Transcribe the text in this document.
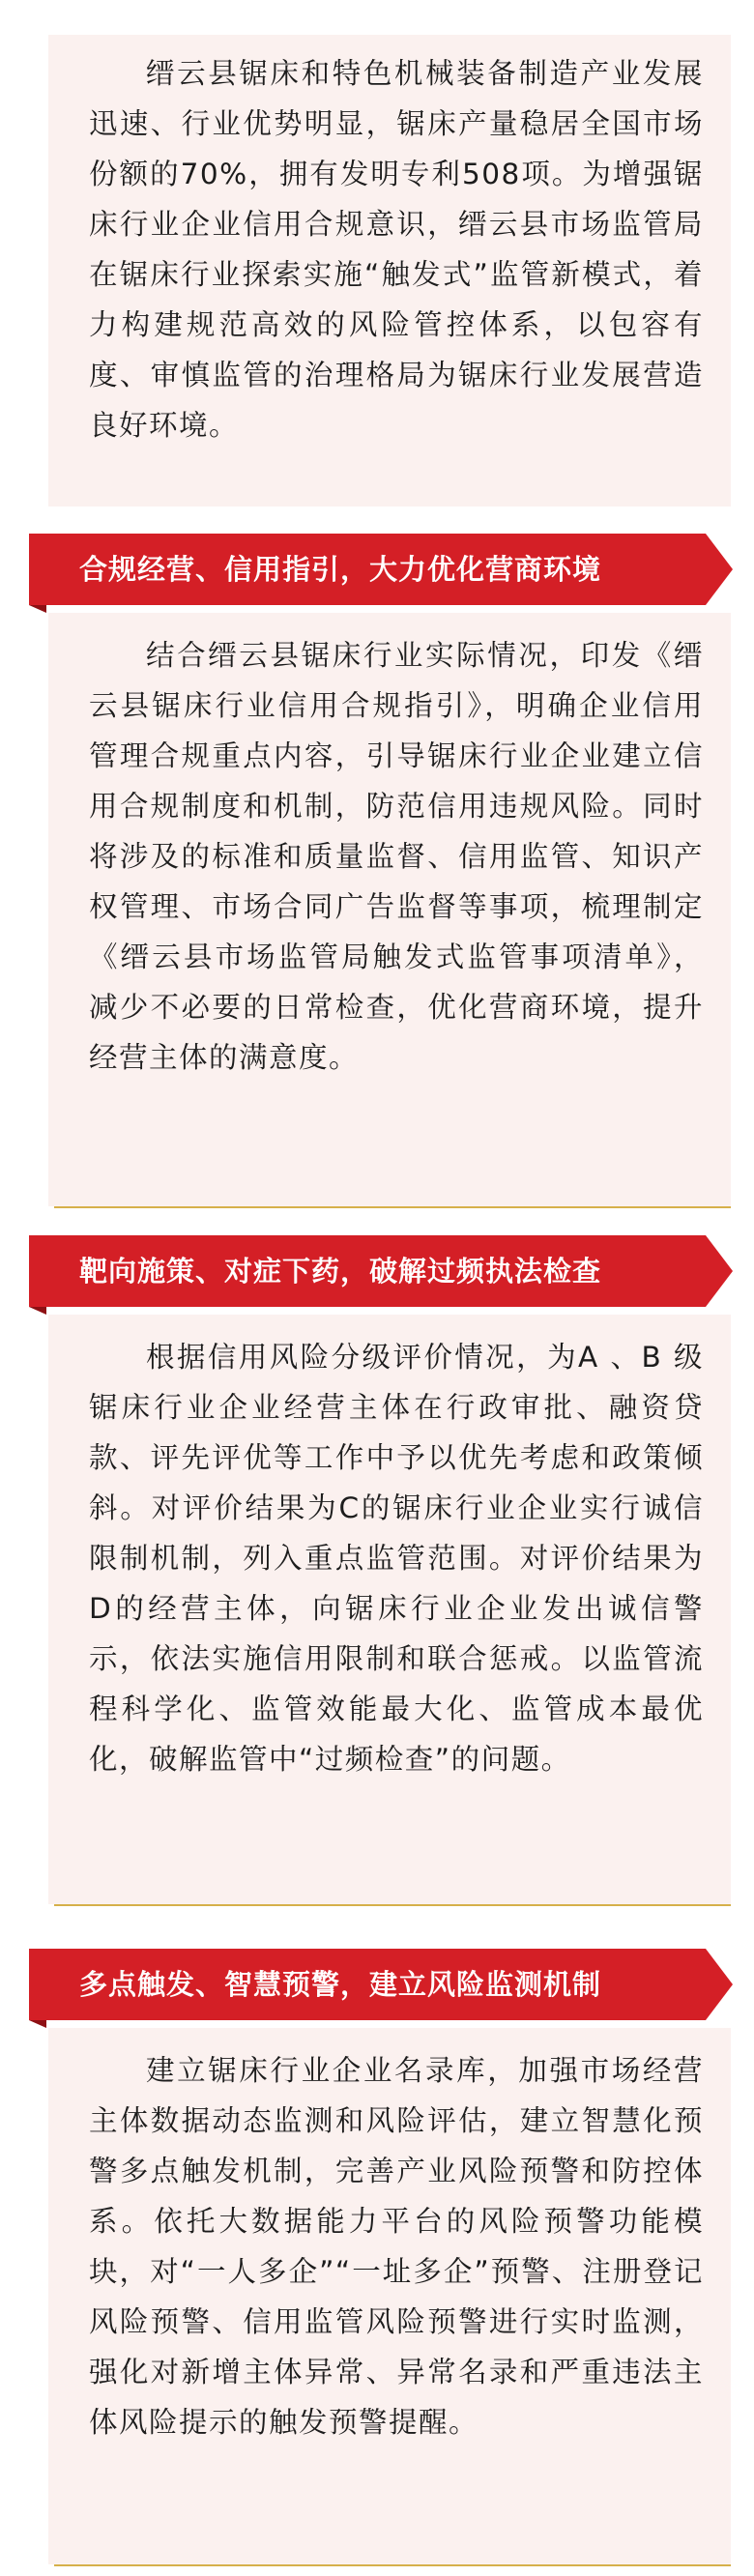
缙云县锯床和特色机械装备制造产业发展迅速、行业优势明显，锯床产量稳居全国市场份额的70%，拥有发明专利508项。为增强锯床行业企业信用合规意识，缙云县市场监管局在锯床行业探索实施“触发式”监管新模式，着力构建规范高效的风险管控体系，以包容有度、审慎监管的治理格局为锯床行业发展营造良好环境。

合规经营、信用指引，大力优化营商环境

结合缙云县锯床行业实际情况，印发《缙云县锯床行业信用合规指引》，明确企业信用管理合规重点内容，引导锯床行业企业建立信用合规制度和机制，防范信用违规风险。同时将涉及的标准和质量监督、信用监管、知识产权管理、市场合同广告监督等事项，梳理制定《缙云县市场监管局触发式监管事项清单》，减少不必要的日常检查，优化营商环境，提升经营主体的满意度。

靶向施策、对症下药，破解过频执法检查

根据信用风险分级评价情况，为A 、B 级锯床行业企业经营主体在行政审批、融资贷款、评先评优等工作中予以优先考虑和政策倾斜。对评价结果为C的锯床行业企业实行诚信限制机制，列入重点监管范围。对评价结果为D的经营主体，向锯床行业企业发出诚信警示，依法实施信用限制和联合惩戒。以监管流程科学化、监管效能最大化、监管成本最优化，破解监管中“过频检查”的问题。

多点触发、智慧预警，建立风险监测机制

建立锯床行业企业名录库，加强市场经营主体数据动态监测和风险评估，建立智慧化预警多点触发机制，完善产业风险预警和防控体系。依托大数据能力平台的风险预警功能模块，对“一人多企”“一址多企”预警、注册登记风险预警、信用监管风险预警进行实时监测，强化对新增主体异常、异常名录和严重违法主体风险提示的触发预警提醒。
